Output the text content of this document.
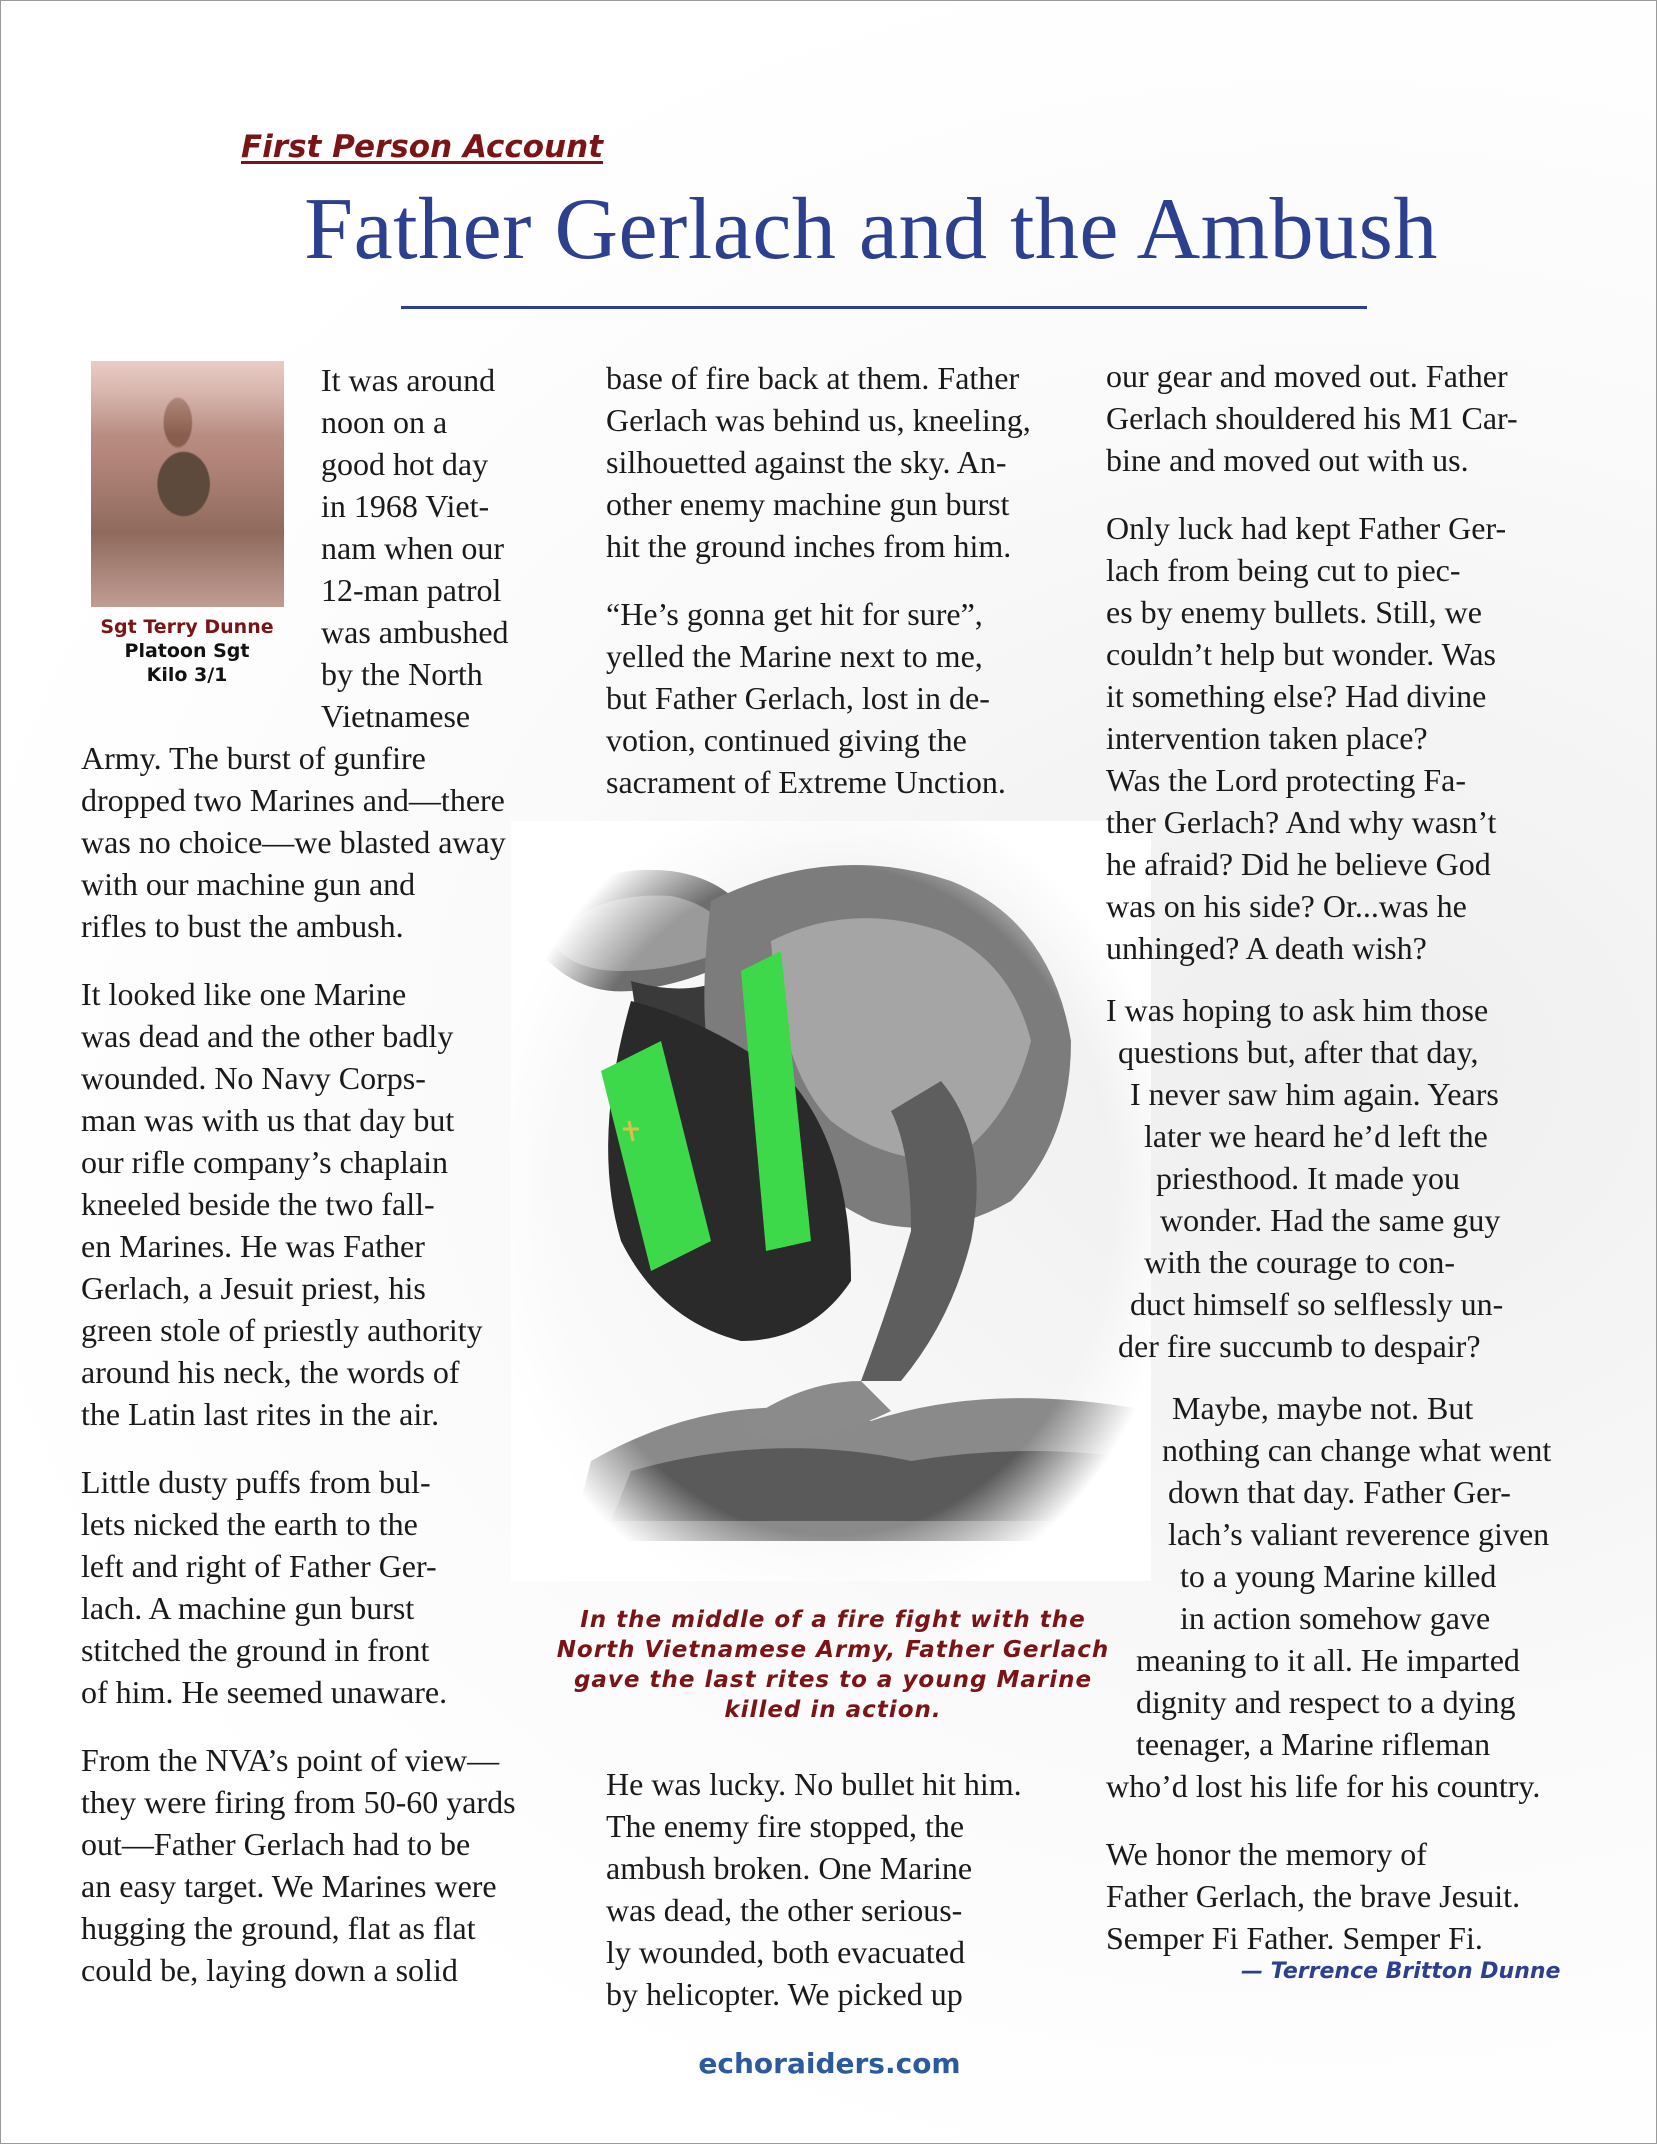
First Person Account
Father Gerlach and the Ambush
Sgt Terry Dunne
Platoon Sgt
Kilo 3/1

It was around
noon on a
good hot day
in 1968 Viet-
nam when our
12-man patrol
was ambushed
by the North
Vietnamese
Army. The burst of gunfire
dropped two Marines and—there
was no choice—we blasted away
with our machine gun and
rifles to bust the ambush.

It looked like one Marine
was dead and the other badly
wounded. No Navy Corps-
man was with us that day but
our rifle company’s chaplain
kneeled beside the two fall-
en Marines. He was Father
Gerlach, a Jesuit priest, his
green stole of priestly authority
around his neck, the words of
the Latin last rites in the air.

Little dusty puffs from bul-
lets nicked the earth to the
left and right of Father Ger-
lach. A machine gun burst
stitched the ground in front
of him. He seemed unaware.

From the NVA’s point of view—
they were firing from 50-60 yards
out—Father Gerlach had to be
an easy target. We Marines were
hugging the ground, flat as flat
could be, laying down a solid

base of fire back at them. Father
Gerlach was behind us, kneeling,
silhouetted against the sky. An-
other enemy machine gun burst
hit the ground inches from him.

“He’s gonna get hit for sure”,
yelled the Marine next to me,
but Father Gerlach, lost in de-
votion, continued giving the
sacrament of Extreme Unction.

In the middle of a fire fight with the
North Vietnamese Army, Father Gerlach
gave the last rites to a young Marine
killed in action.

He was lucky. No bullet hit him.
The enemy fire stopped, the
ambush broken. One Marine
was dead, the other serious-
ly wounded, both evacuated
by helicopter. We picked up

our gear and moved out. Father
Gerlach shouldered his M1 Car-
bine and moved out with us.

Only luck had kept Father Ger-
lach from being cut to piec-
es by enemy bullets. Still, we
couldn’t help but wonder. Was
it something else? Had divine
intervention taken place?
Was the Lord protecting Fa-
ther Gerlach? And why wasn’t
he afraid? Did he believe God
was on his side? Or...was he
unhinged? A death wish?

I was hoping to ask him those
questions but, after that day,
I never saw him again. Years
later we heard he’d left the
priesthood. It made you
wonder. Had the same guy
with the courage to con-
duct himself so selflessly un-
der fire succumb to despair?

Maybe, maybe not. But
nothing can change what went
down that day. Father Ger-
lach’s valiant reverence given
to a young Marine killed
in action somehow gave
meaning to it all. He imparted
dignity and respect to a dying
teenager, a Marine rifleman
who’d lost his life for his country.

We honor the memory of
Father Gerlach, the brave Jesuit.
Semper Fi Father. Semper Fi.

— Terrence Britton Dunne
echoraiders.com
